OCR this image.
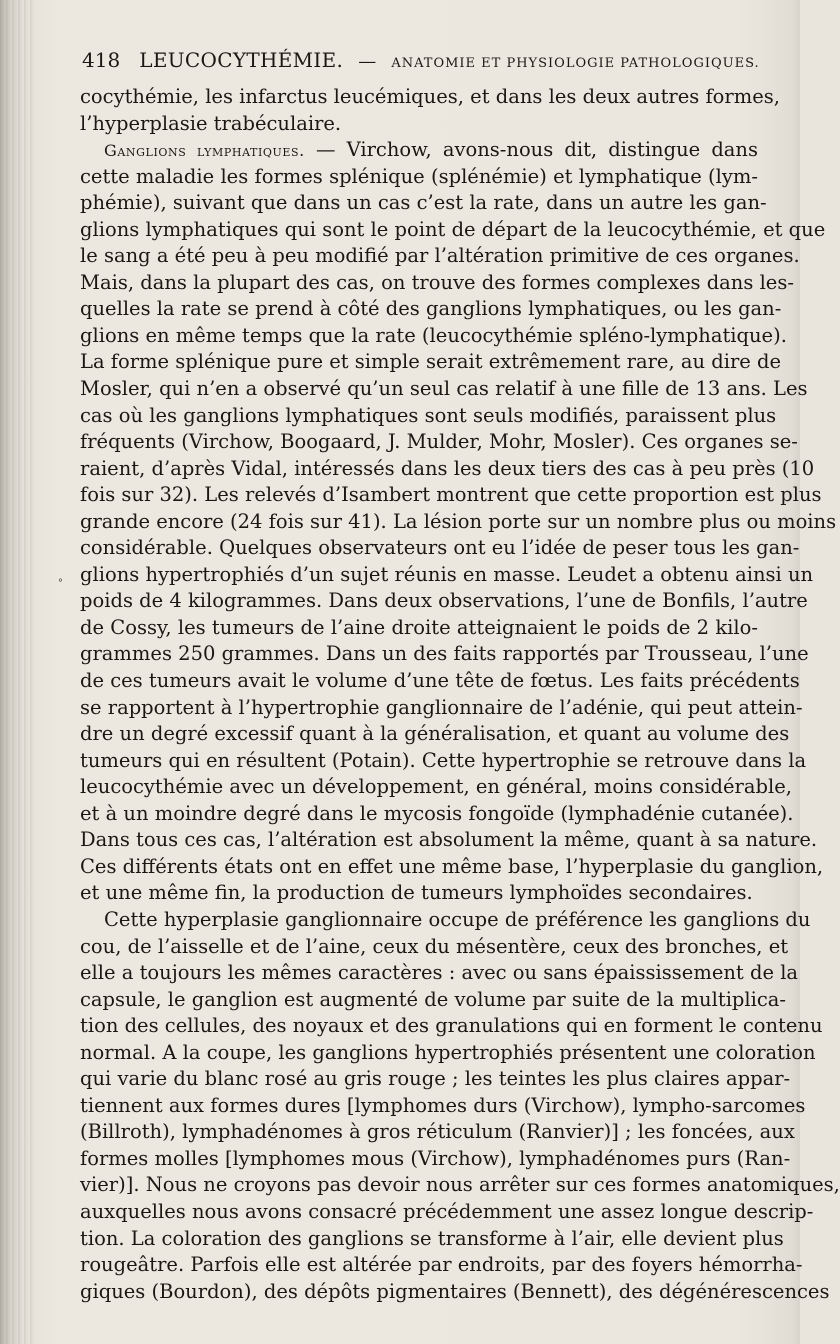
418 LEUCOCYTHÉMIE. — ANATOMIE ET PHYSIOLOGIE PATHOLOGIQUES.
°
cocythémie, les infarctus leucémiques, et dans les deux autres formes,
l’hyperplasie trabéculaire.
Ganglions lymphatiques. — Virchow, avons-nous dit, distingue dans
cette maladie les formes splénique (splénémie) et lymphatique (lym-
phémie), suivant que dans un cas c’est la rate, dans un autre les gan-
glions lymphatiques qui sont le point de départ de la leucocythémie, et que
le sang a été peu à peu modifié par l’altération primitive de ces organes.
Mais, dans la plupart des cas, on trouve des formes complexes dans les-
quelles la rate se prend à côté des ganglions lymphatiques, ou les gan-
glions en même temps que la rate (leucocythémie spléno-lymphatique).
La forme splénique pure et simple serait extrêmement rare, au dire de
Mosler, qui n’en a observé qu’un seul cas relatif à une fille de 13 ans. Les
cas où les ganglions lymphatiques sont seuls modifiés, paraissent plus
fréquents (Virchow, Boogaard, J. Mulder, Mohr, Mosler). Ces organes se-
raient, d’après Vidal, intéressés dans les deux tiers des cas à peu près (10
fois sur 32). Les relevés d’Isambert montrent que cette proportion est plus
grande encore (24 fois sur 41). La lésion porte sur un nombre plus ou moins
considérable. Quelques observateurs ont eu l’idée de peser tous les gan-
glions hypertrophiés d’un sujet réunis en masse. Leudet a obtenu ainsi un
poids de 4 kilogrammes. Dans deux observations, l’une de Bonfils, l’autre
de Cossy, les tumeurs de l’aine droite atteignaient le poids de 2 kilo-
grammes 250 grammes. Dans un des faits rapportés par Trousseau, l’une
de ces tumeurs avait le volume d’une tête de fœtus. Les faits précédents
se rapportent à l’hypertrophie ganglionnaire de l’adénie, qui peut attein-
dre un degré excessif quant à la généralisation, et quant au volume des
tumeurs qui en résultent (Potain). Cette hypertrophie se retrouve dans la
leucocythémie avec un développement, en général, moins considérable,
et à un moindre degré dans le mycosis fongoïde (lymphadénie cutanée).
Dans tous ces cas, l’altération est absolument la même, quant à sa nature.
Ces différents états ont en effet une même base, l’hyperplasie du ganglion,
et une même fin, la production de tumeurs lymphoïdes secondaires.
Cette hyperplasie ganglionnaire occupe de préférence les ganglions du
cou, de l’aisselle et de l’aine, ceux du mésentère, ceux des bronches, et
elle a toujours les mêmes caractères : avec ou sans épaississement de la
capsule, le ganglion est augmenté de volume par suite de la multiplica-
tion des cellules, des noyaux et des granulations qui en forment le contenu
normal. A la coupe, les ganglions hypertrophiés présentent une coloration
qui varie du blanc rosé au gris rouge ; les teintes les plus claires appar-
tiennent aux formes dures [lymphomes durs (Virchow), lympho-sarcomes
(Billroth), lymphadénomes à gros réticulum (Ranvier)] ; les foncées, aux
formes molles [lymphomes mous (Virchow), lymphadénomes purs (Ran-
vier)]. Nous ne croyons pas devoir nous arrêter sur ces formes anatomiques,
auxquelles nous avons consacré précédemment une assez longue descrip-
tion. La coloration des ganglions se transforme à l’air, elle devient plus
rougeâtre. Parfois elle est altérée par endroits, par des foyers hémorrha-
giques (Bourdon), des dépôts pigmentaires (Bennett), des dégénérescences
